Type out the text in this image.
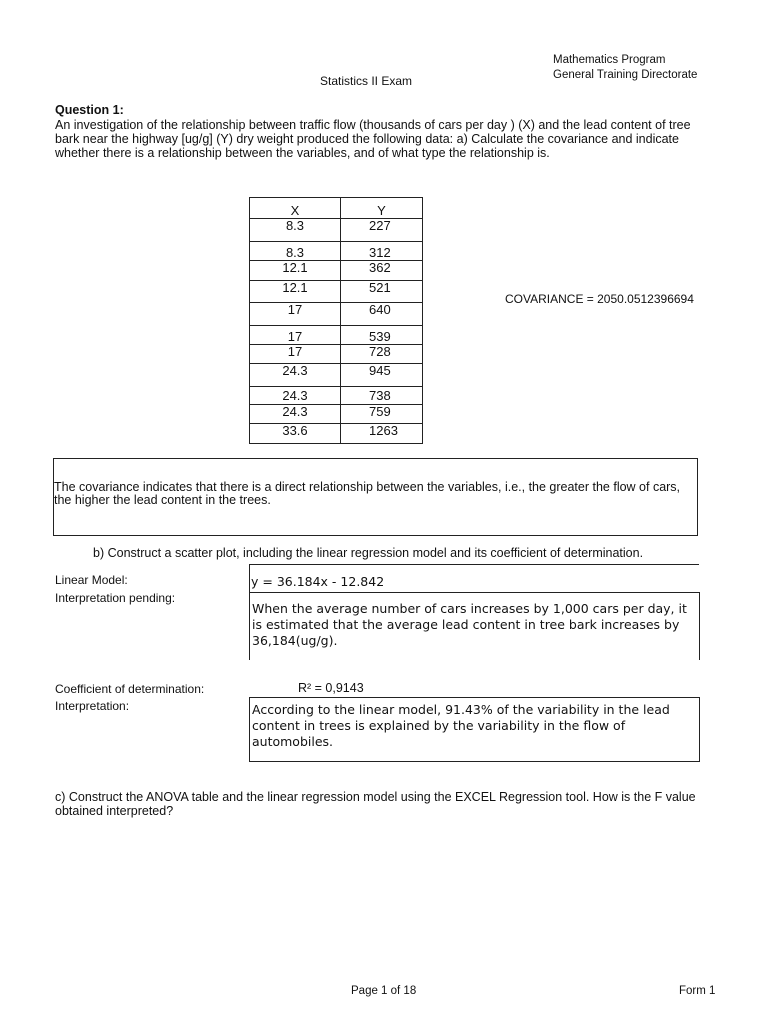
Mathematics Program
General Training Directorate
Statistics II Exam
Question 1:
An investigation of the relationship between traffic flow (thousands of cars per day ) (X) and the lead content of tree bark near the highway [ug/g] (Y) dry weight produced the following data: a) Calculate the covariance and indicate whether there is a relationship between the variables, and of what type the relationship is.
X	Y
8.3	227
8.3	312
12.1	362
12.1	521
17	640
17	539
17	728
24.3	945
24.3	738
24.3	759
33.6	1263
COVARIANCE = 2050.0512396694
The covariance indicates that there is a direct relationship between the variables, i.e., the greater the flow of cars, the higher the lead content in the trees.
b) Construct a scatter plot, including the linear regression model and its coefficient of determination.
Linear Model:
Interpretation pending:
y = 36.184x - 12.842
When the average number of cars increases by 1,000 cars per day, it is estimated that the average lead content in tree bark increases by 36,184(ug/g).
Coefficient of determination:	R² = 0,9143
Interpretation:	According to the linear model, 91.43% of the variability in the lead content in trees is explained by the variability in the flow of automobiles.
c) Construct the ANOVA table and the linear regression model using the EXCEL Regression tool. How is the F value obtained interpreted?
Page 1 of 18	Form 1
